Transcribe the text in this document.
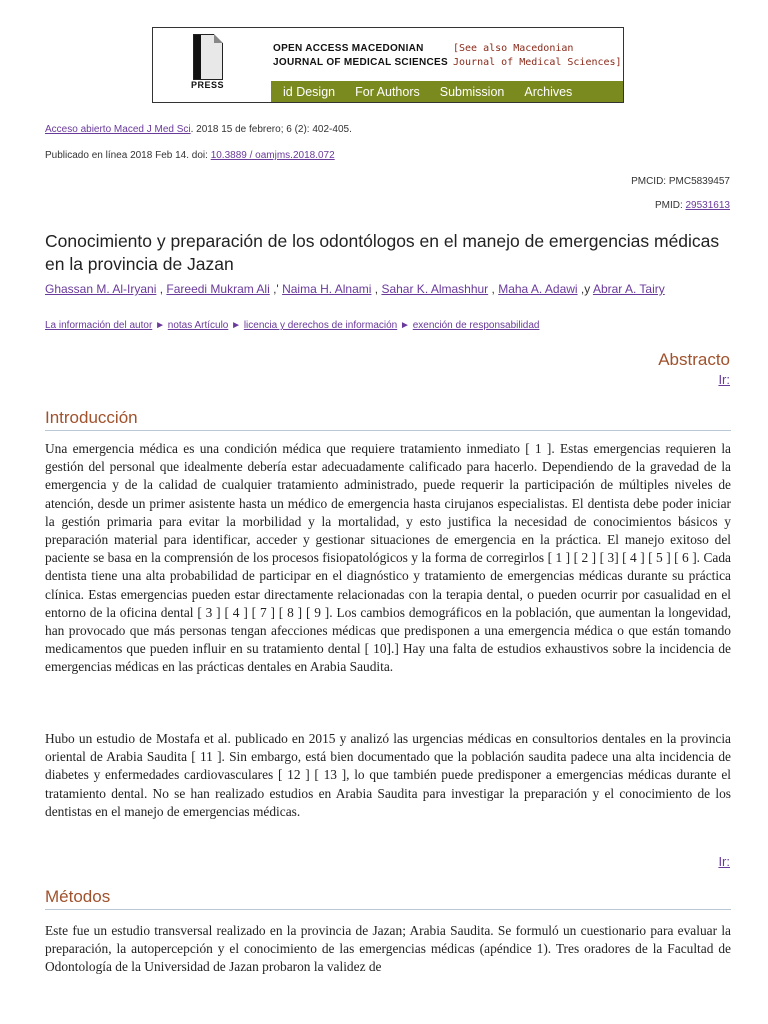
PRESS
OPEN ACCESS MACEDONIAN
JOURNAL OF MEDICAL SCIENCES
[See also Macedonian
Journal of Medical Sciences]
id Design For Authors Submission Archives
Acceso abierto Maced J Med Sci. 2018 15 de febrero; 6 (2): 402-405.
Publicado en línea 2018 Feb 14. doi: 10.3889 / oamjms.2018.072
PMCID: PMC5839457
PMID: 29531613
Conocimiento y preparación de los odontólogos en el manejo de emergencias médicas en la provincia de Jazan
Ghassan M. Al-Iryani , Fareedi Mukram Ali ,' Naima H. Alnami , Sahar K. Almashhur , Maha A. Adawi ,y Abrar A. Tairy
La información del autor ► notas Artículo ► licencia y derechos de información ► exención de responsabilidad
Abstracto
Ir:
Introducción

Una emergencia médica es una condición médica que requiere tratamiento inmediato [ 1 ]. Estas emergencias requieren la gestión del personal que idealmente debería estar adecuadamente calificado para hacerlo. Dependiendo de la gravedad de la emergencia y de la calidad de cualquier tratamiento administrado, puede requerir la participación de múltiples niveles de atención, desde un primer asistente hasta un médico de emergencia hasta cirujanos especialistas. El dentista debe poder iniciar la gestión primaria para evitar la morbilidad y la mortalidad, y esto justifica la necesidad de conocimientos básicos y preparación material para identificar, acceder y gestionar situaciones de emergencia en la práctica. El manejo exitoso del paciente se basa en la comprensión de los procesos fisiopatológicos y la forma de corregirlos [ 1 ] [ 2 ] [ 3] [ 4 ] [ 5 ] [ 6 ]. Cada dentista tiene una alta probabilidad de participar en el diagnóstico y tratamiento de emergencias médicas durante su práctica clínica. Estas emergencias pueden estar directamente relacionadas con la terapia dental, o pueden ocurrir por casualidad en el entorno de la oficina dental [ 3 ] [ 4 ] [ 7 ] [ 8 ] [ 9 ]. Los cambios demográficos en la población, que aumentan la longevidad, han provocado que más personas tengan afecciones médicas que predisponen a una emergencia médica o que están tomando medicamentos que pueden influir en su tratamiento dental [ 10].] Hay una falta de estudios exhaustivos sobre la incidencia de emergencias médicas en las prácticas dentales en Arabia Saudita.

Hubo un estudio de Mostafa et al. publicado en 2015 y analizó las urgencias médicas en consultorios dentales en la provincia oriental de Arabia Saudita [ 11 ]. Sin embargo, está bien documentado que la población saudita padece una alta incidencia de diabetes y enfermedades cardiovasculares [ 12 ] [ 13 ], lo que también puede predisponer a emergencias médicas durante el tratamiento dental. No se han realizado estudios en Arabia Saudita para investigar la preparación y el conocimiento de los dentistas en el manejo de emergencias médicas.

Ir:
Métodos

Este fue un estudio transversal realizado en la provincia de Jazan; Arabia Saudita. Se formuló un cuestionario para evaluar la preparación, la autopercepción y el conocimiento de las emergencias médicas (apéndice 1). Tres oradores de la Facultad de Odontología de la Universidad de Jazan probaron la validez de
